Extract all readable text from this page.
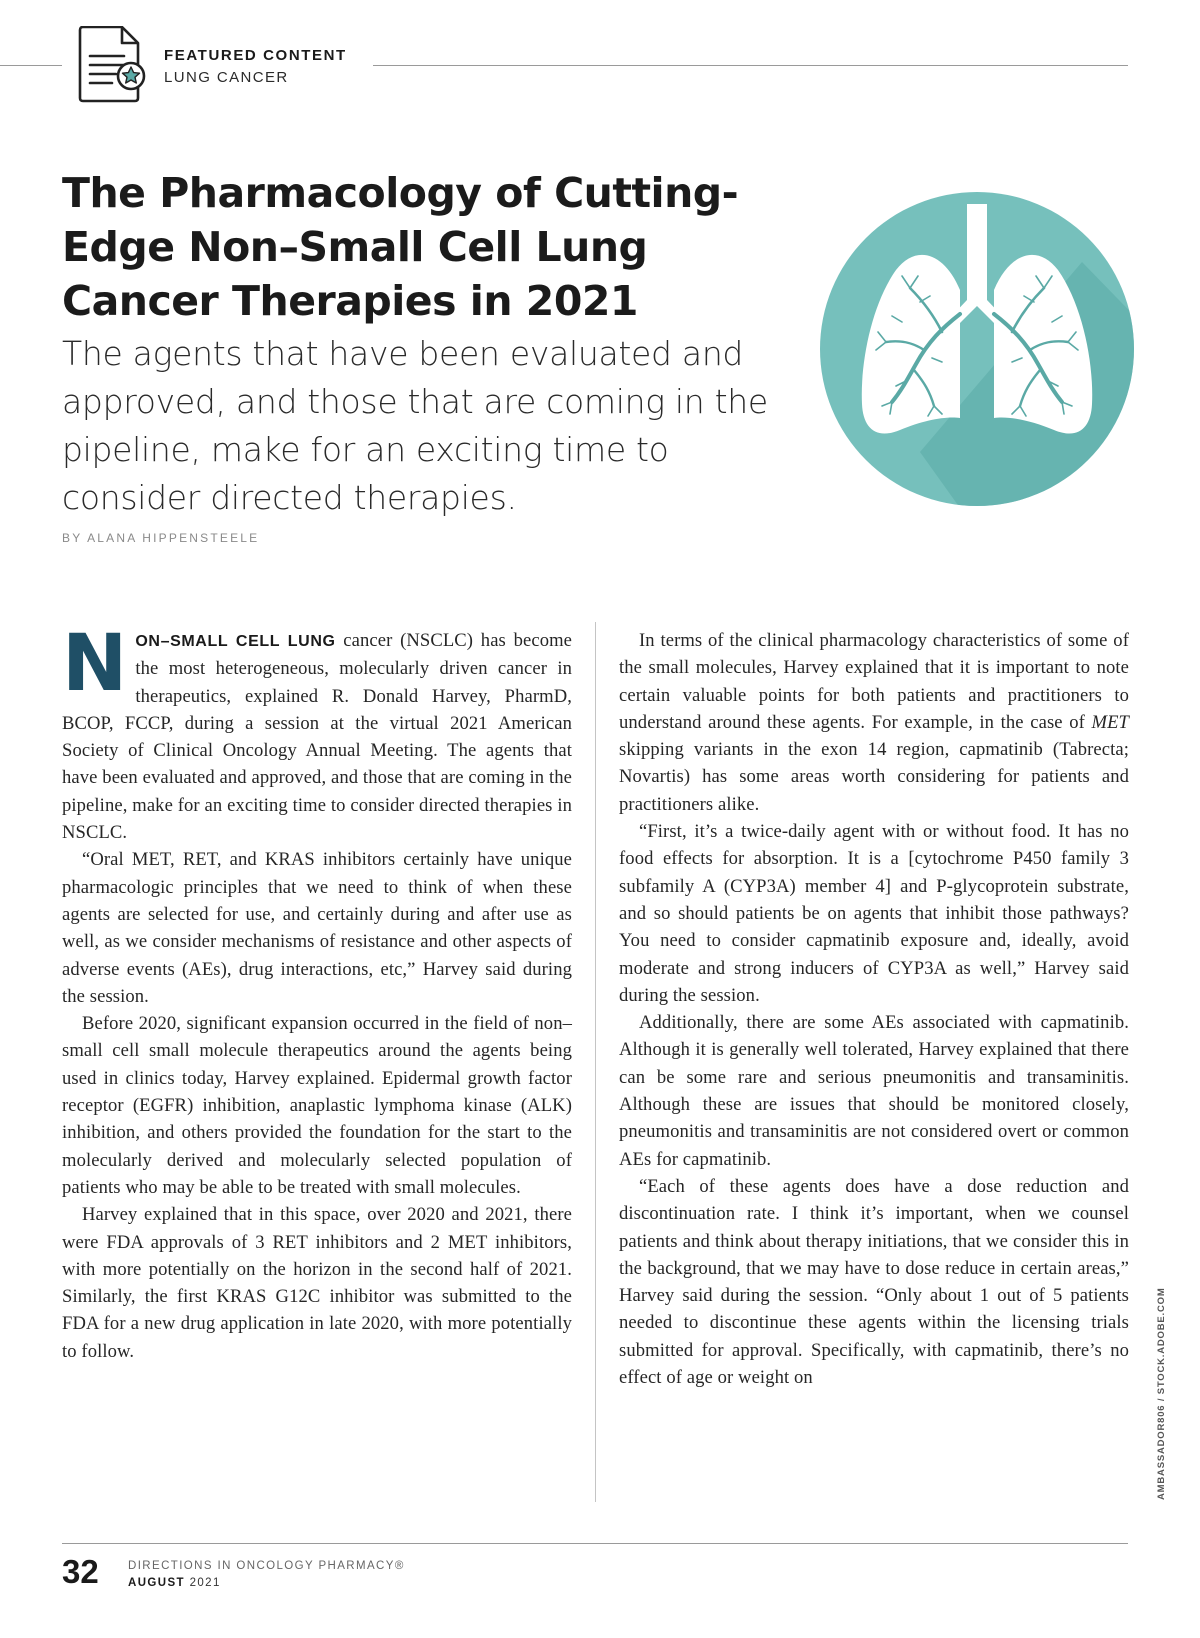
FEATURED CONTENT
LUNG CANCER
The Pharmacology of Cutting-Edge Non–Small Cell Lung Cancer Therapies in 2021
The agents that have been evaluated and approved, and those that are coming in the pipeline, make for an exciting time to consider directed therapies.
BY ALANA HIPPENSTEELE

NON–SMALL CELL LUNG cancer (NSCLC) has become the most heterogeneous, molecularly driven cancer in therapeutics, explained R. Donald Harvey, PharmD, BCOP, FCCP, during a session at the virtual 2021 American Society of Clinical Oncology Annual Meeting. The agents that have been evaluated and approved, and those that are coming in the pipeline, make for an exciting time to consider directed therapies in NSCLC.

“Oral MET, RET, and KRAS inhibitors certainly have unique pharmacologic principles that we need to think of when these agents are selected for use, and certainly during and after use as well, as we consider mechanisms of resistance and other aspects of adverse events (AEs), drug interactions, etc,” Harvey said during the session.

Before 2020, significant expansion occurred in the field of non–small cell small molecule therapeutics around the agents being used in clinics today, Harvey explained. Epidermal growth factor receptor (EGFR) inhibition, anaplastic lymphoma kinase (ALK) inhibition, and others provided the foundation for the start to the molecularly derived and molecularly selected population of patients who may be able to be treated with small molecules.

Harvey explained that in this space, over 2020 and 2021, there were FDA approvals of 3 RET inhibitors and 2 MET inhibitors, with more potentially on the horizon in the second half of 2021. Similarly, the first KRAS G12C inhibitor was submitted to the FDA for a new drug application in late 2020, with more potentially to follow.

In terms of the clinical pharmacology characteristics of some of the small molecules, Harvey explained that it is important to note certain valuable points for both patients and practitioners to understand around these agents. For example, in the case of MET skipping variants in the exon 14 region, capmatinib (Tabrecta; Novartis) has some areas worth considering for patients and practitioners alike.

“First, it’s a twice-daily agent with or without food. It has no food effects for absorption. It is a [cytochrome P450 family 3 subfamily A (CYP3A) member 4] and P-glycoprotein substrate, and so should patients be on agents that inhibit those pathways? You need to consider capmatinib exposure and, ideally, avoid moderate and strong inducers of CYP3A as well,” Harvey said during the session.

Additionally, there are some AEs associated with capmatinib. Although it is generally well tolerated, Harvey explained that there can be some rare and serious pneumonitis and transaminitis. Although these are issues that should be monitored closely, pneumonitis and transaminitis are not considered overt or common AEs for capmatinib.

“Each of these agents does have a dose reduction and discontinuation rate. I think it’s important, when we counsel patients and think about therapy initiations, that we consider this in the background, that we may have to dose reduce in certain areas,” Harvey said during the session. “Only about 1 out of 5 patients needed to discontinue these agents within the licensing trials submitted for approval. Specifically, with capmatinib, there’s no effect of age or weight on	AMBASSADOR806 / STOCK.ADOBE.COM
32	DIRECTIONS IN ONCOLOGY PHARMACY®
AUGUST 2021
